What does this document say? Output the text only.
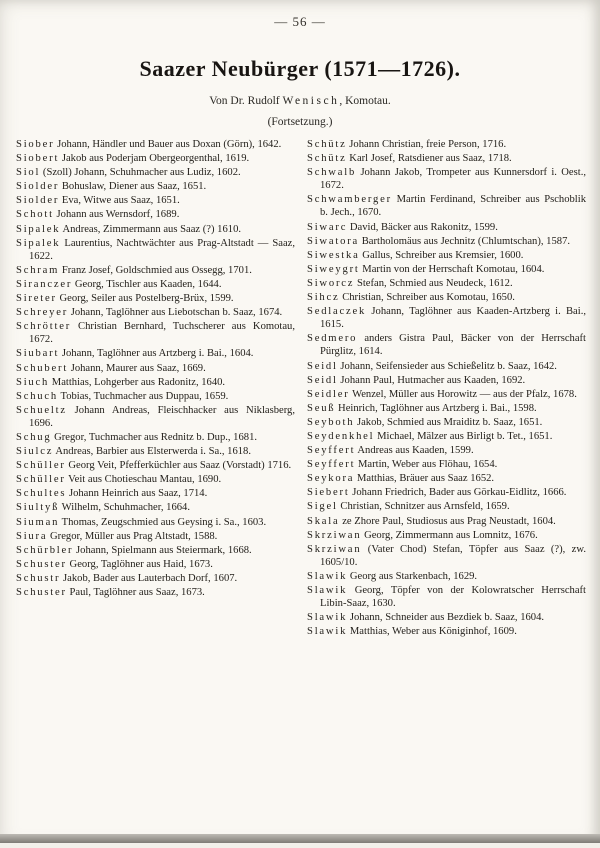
— 56 —
Saazer Neubürger (1571—1726).
Von Dr. Rudolf Wenisch, Komotau.
(Fortsetzung.)

Siober Johann, Händler und Bauer aus Doxan (Görn), 1642.

Siobert Jakob aus Poderjam Obergeorgenthal, 1619.

Siol (Szoll) Johann, Schuhmacher aus Ludiz, 1602.

Siolder Bohuslaw, Diener aus Saaz, 1651.

Siolder Eva, Witwe aus Saaz, 1651.

Schott Johann aus Wernsdorf, 1689.

Sipalek Andreas, Zimmermann aus Saaz (?) 1610.

Sipalek Laurentius, Nachtwächter aus Prag-Altstadt — Saaz, 1622.

Schram Franz Josef, Goldschmied aus Ossegg, 1701.

Siranczer Georg, Tischler aus Kaaden, 1644.

Sireter Georg, Seiler aus Postelberg-Brüx, 1599.

Schreyer Johann, Taglöhner aus Liebotschan b. Saaz, 1674.

Schrötter Christian Bernhard, Tuchscherer aus Komotau, 1672.

Siubart Johann, Taglöhner aus Artzberg i. Bai., 1604.

Schubert Johann, Maurer aus Saaz, 1669.

Siuch Matthias, Lohgerber aus Radonitz, 1640.

Schuch Tobias, Tuchmacher aus Duppau, 1659.

Schueltz Johann Andreas, Fleischhacker aus Niklasberg, 1696.

Schug Gregor, Tuchmacher aus Rednitz b. Dup., 1681.

Siulcz Andreas, Barbier aus Elsterwerda i. Sa., 1618.

Schüller Georg Veit, Pfefferküchler aus Saaz (Vorstadt) 1716.

Schüller Veit aus Chotieschau Mantau, 1690.

Schultes Johann Heinrich aus Saaz, 1714.

Siultyß Wilhelm, Schuhmacher, 1664.

Siuman Thomas, Zeugschmied aus Geysing i. Sa., 1603.

Siura Gregor, Müller aus Prag Altstadt, 1588.

Schürbler Johann, Spielmann aus Steiermark, 1668.

Schuster Georg, Taglöhner aus Haid, 1673.

Schustr Jakob, Bader aus Lauterbach Dorf, 1607.

Schuster Paul, Taglöhner aus Saaz, 1673.

Schütz Johann Christian, freie Person, 1716.

Schütz Karl Josef, Ratsdiener aus Saaz, 1718.

Schwalb Johann Jakob, Trompeter aus Kunnersdorf i. Oest., 1672.

Schwamberger Martin Ferdinand, Schreiber aus Pschoblik b. Jech., 1670.

Siwarc David, Bäcker aus Rakonitz, 1599.

Siwatora Bartholomäus aus Jechnitz (Chlumtschan), 1587.

Siwestka Gallus, Schreiber aus Kremsier, 1600.

Siweygrt Martin von der Herrschaft Komotau, 1604.

Siworcz Stefan, Schmied aus Neudeck, 1612.

Sihcz Christian, Schreiber aus Komotau, 1650.

Sedlaczek Johann, Taglöhner aus Kaaden-Artzberg i. Bai., 1615.

Sedmero anders Gistra Paul, Bäcker von der Herrschaft Pürglitz, 1614.

Seidl Johann, Seifensieder aus Schießelitz b. Saaz, 1642.

Seidl Johann Paul, Hutmacher aus Kaaden, 1692.

Seidler Wenzel, Müller aus Horowitz — aus der Pfalz, 1678.

Seuß Heinrich, Taglöhner aus Artzberg i. Bai., 1598.

Seyboth Jakob, Schmied aus Mraiditz b. Saaz, 1651.

Seydenkhel Michael, Mälzer aus Birligt b. Tet., 1651.

Seyffert Andreas aus Kaaden, 1599.

Seyffert Martin, Weber aus Flöhau, 1654.

Seykora Matthias, Bräuer aus Saaz 1652.

Siebert Johann Friedrich, Bader aus Görkau-Eidlitz, 1666.

Sigel Christian, Schnitzer aus Arnsfeld, 1659.

Skala ze Zhore Paul, Studiosus aus Prag Neustadt, 1604.

Skrziwan Georg, Zimmermann aus Lomnitz, 1676.

Skrziwan (Vater Chod) Stefan, Töpfer aus Saaz (?), zw. 1605/10.

Slawik Georg aus Starkenbach, 1629.

Slawik Georg, Töpfer von der Kolowratscher Herrschaft Libin-Saaz, 1630.

Slawik Johann, Schneider aus Bezdiek b. Saaz, 1604.

Slawik Matthias, Weber aus Königinhof, 1609.
